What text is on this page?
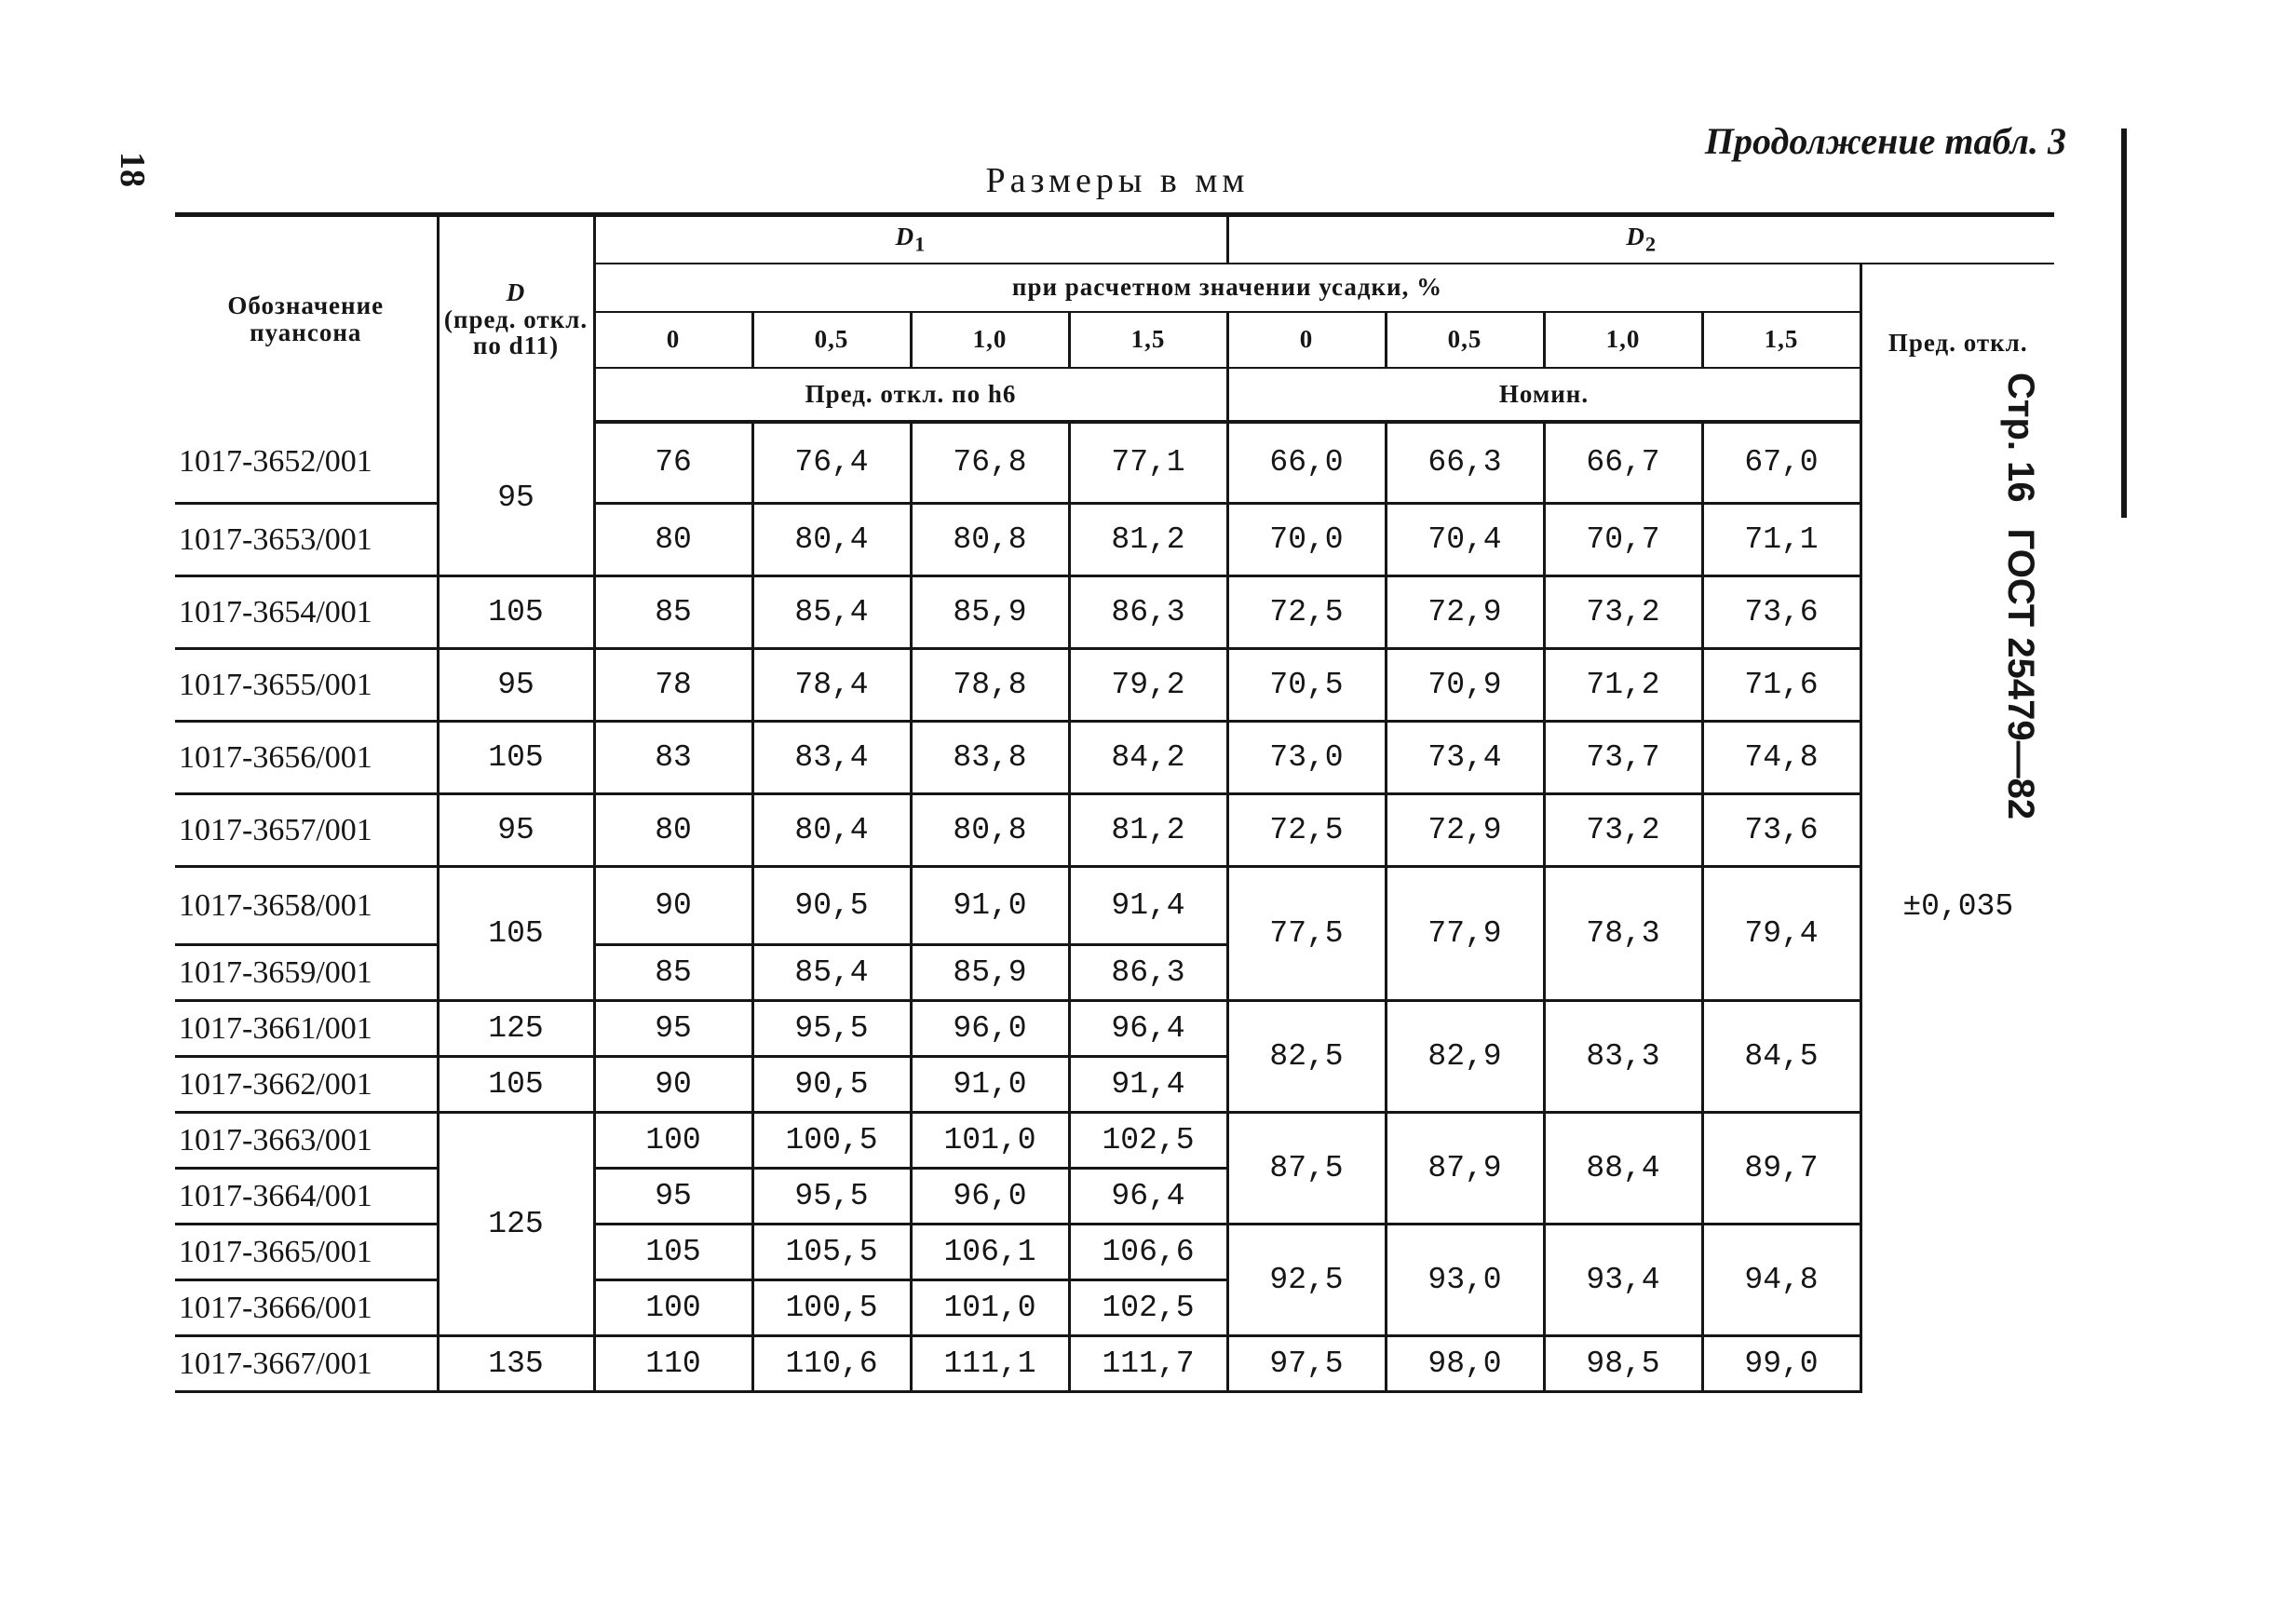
18
Продолжение табл. 3
Размеры в мм
Стр. 16
ГОСТ 25479—82
Обозначение пуансона	D
(пред. откл. по d11)	$D_1$				$D_2$
		при расчетном значении усадки, %								Пред. откл.
		0	0,5	1,0	1,5	0	0,5	1,0	1,5	
		Пред. откл. по h6				Номин.				
1017-3652/001	95	76	76,4	76,8	77,1	66,0	66,3	66,7	67,0	±0,035
1017-3653/001		80	80,4	80,8	81,2	70,0	70,4	70,7	71,1	
1017-3654/001	105	85	85,4	85,9	86,3	72,5	72,9	73,2	73,6	
1017-3655/001	95	78	78,4	78,8	79,2	70,5	70,9	71,2	71,6	
1017-3656/001	105	83	83,4	83,8	84,2	73,0	73,4	73,7	74,8	
1017-3657/001	95	80	80,4	80,8	81,2	72,5	72,9	73,2	73,6	
1017-3658/001	105	90	90,5	91,0	91,4	77,5	77,9	78,3	79,4	
1017-3659/001		85	85,4	85,9	86,3					
1017-3661/001	125	95	95,5	96,0	96,4	82,5	82,9	83,3	84,5	
1017-3662/001	105	90	90,5	91,0	91,4					
1017-3663/001	125	100	100,5	101,0	102,5	87,5	87,9	88,4	89,7	
1017-3664/001		95	95,5	96,0	96,4					
1017-3665/001		105	105,5	106,1	106,6	92,5	93,0	93,4	94,8	
1017-3666/001		100	100,5	101,0	102,5					
1017-3667/001	135	110	110,6	111,1	111,7	97,5	98,0	98,5	99,0	
